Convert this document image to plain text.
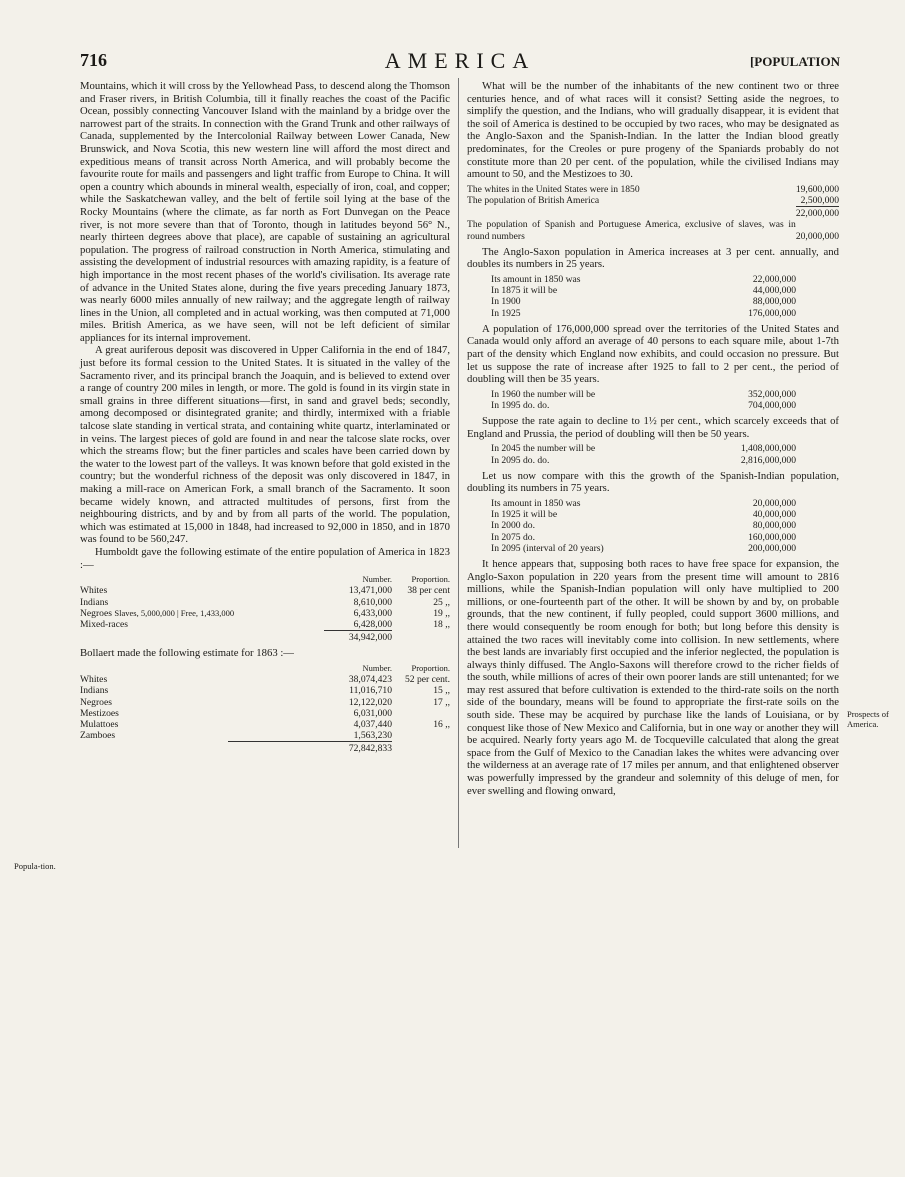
716	AMERICA	[POPULATION

Mountains, which it will cross by the Yellowhead Pass, to descend along the Thomson and Fraser rivers, in British Columbia, till it finally reaches the coast of the Pacific Ocean, possibly connecting Vancouver Island with the mainland by a bridge over the narrowest part of the straits. In connection with the Grand Trunk and other railways of Canada, supplemented by the Intercolonial Railway between Lower Canada, New Brunswick, and Nova Scotia, this new western line will afford the most direct and expeditious means of transit across North America, and will probably become the favourite route for mails and passengers and light traffic from Europe to China. It will open a country which abounds in mineral wealth, especially of iron, coal, and copper; while the Saskatchewan valley, and the belt of fertile soil lying at the base of the Rocky Mountains (where the climate, as far north as Fort Dunvegan on the Peace river, is not more severe than that of Toronto, though in latitudes beyond 56° N., nearly thirteen degrees above that place), are capable of sustaining an agricultural population. The progress of railroad construction in North America, stimulating and assisting the development of industrial resources with amazing rapidity, is a feature of high importance in the most recent phases of the world's civilisation. Its average rate of advance in the United States alone, during the five years preceding January 1873, was nearly 6000 miles annually of new railway; and the aggregate length of railway lines in the Union, all completed and in actual working, was then computed at 71,000 miles. British America, as we have seen, will not be left deficient of similar appliances for its internal improvement.

A great auriferous deposit was discovered in Upper California in the end of 1847, just before its formal cession to the United States. It is situated in the valley of the Sacramento river, and its principal branch the Joaquin, and is believed to extend over a range of country 200 miles in length, or more. The gold is found in its virgin state in small grains in three different situations—first, in sand and gravel beds; secondly, among decomposed or disintegrated granite; and thirdly, intermixed with a friable talcose slate standing in vertical strata, and containing white quartz, interlaminated or in veins. The largest pieces of gold are found in and near the talcose slate rocks, over which the streams flow; but the finer particles and scales have been carried down by the water to the lowest part of the valleys. It was known before that gold existed in the country; but the wonderful richness of the deposit was only discovered in 1847, in making a mill-race on American Fork, a small branch of the Sacramento. It soon became widely known, and attracted multitudes of persons, first from the neighbouring districts, and by and by from all parts of the world. The population, which was estimated at 15,000 in 1848, had increased to 92,000 in 1850, and in 1870 was found to be 560,247.

Humboldt gave the following estimate of the entire population of America in 1823 :—

	Number.	Proportion.
Whites	13,471,000	38 per cent
Indians	8,610,000	25 ,,
Negroes Slaves, 5,000,000 | Free, 1,433,000	6,433,000	19 ,,
Mixed-races	6,428,000	18 ,,
	34,942,000	

Bollaert made the following estimate for 1863 :—

	Number.	Proportion.
Whites	38,074,423	52 per cent.
Indians	11,016,710	15 ,,
Negroes	12,122,020	17 ,,
Mestizoes	6,031,000	
Mulattoes	4,037,440	16 ,,
Zamboes	1,563,230	
	72,842,833	
Popula-tion.

What will be the number of the inhabitants of the new continent two or three centuries hence, and of what races will it consist? Setting aside the negroes, to simplify the question, and the Indians, who will gradually disappear, it is evident that the soil of America is destined to be occupied by two races, who may be designated as the Anglo-Saxon and the Spanish-Indian. In the latter the Indian blood greatly predominates, for the Creoles or pure progeny of the Spaniards probably do not constitute more than 20 per cent. of the population, while the civilised Indians may amount to 50, and the Mestizoes to 30.

The whites in the United States were in 1850	19,600,000
The population of British America	2,500,000
	22,000,000
The population of Spanish and Portuguese America, exclusive of slaves, was in round numbers	20,000,000

The Anglo-Saxon population in America increases at 3 per cent. annually, and doubles its numbers in 25 years.

Its amount in 1850 was	22,000,000
In 1875 it will be	44,000,000
In 1900	88,000,000
In 1925	176,000,000

A population of 176,000,000 spread over the territories of the United States and Canada would only afford an average of 40 persons to each square mile, about 1-7th part of the density which England now exhibits, and could occasion no pressure. But let us suppose the rate of increase after 1925 to fall to 2 per cent., the period of doubling will then be 35 years.

In 1960 the number will be	352,000,000
In 1995 do. do.	704,000,000

Suppose the rate again to decline to 1½ per cent., which scarcely exceeds that of England and Prussia, the period of doubling will then be 50 years.

In 2045 the number will be	1,408,000,000
In 2095 do. do.	2,816,000,000

Let us now compare with this the growth of the Spanish-Indian population, doubling its numbers in 75 years.

Its amount in 1850 was	20,000,000
In 1925 it will be	40,000,000
In 2000 do.	80,000,000
In 2075 do.	160,000,000
In 2095 (interval of 20 years)	200,000,000

It hence appears that, supposing both races to have free space for expansion, the Anglo-Saxon population in 220 years from the present time will amount to 2816 millions, while the Spanish-Indian population will only have multiplied to 200 millions, or one-fourteenth part of the other. It will be shown by and by, on probable grounds, that the new continent, if fully peopled, could support 3600 millions, and there would consequently be room enough for both; but long before this density is attained the two races will inevitably come into collision. In new settlements, where the best lands are invariably first occupied and the inferior neglected, the population is always thinly diffused. The Anglo-Saxons will therefore crowd to the richer fields of the south, while millions of acres of their own poorer lands are still untenanted; for we may rest assured that before cultivation is extended to the third-rate soils on the north side of the boundary, means will be found to appropriate the first-rate soils on the south side. These may be acquired by purchase like the lands of Louisiana, or by conquest like those of New Mexico and California, but in one way or another they will be acquired. Nearly forty years ago M. de Tocqueville calculated that along the great space from the Gulf of Mexico to the Canadian lakes the whites were advancing over the wilderness at an average rate of 17 miles per annum, and that enlightened observer was powerfully impressed by the grandeur and solemnity of this deluge of men, for ever swelling and flowing onward,

Prospects of America.
